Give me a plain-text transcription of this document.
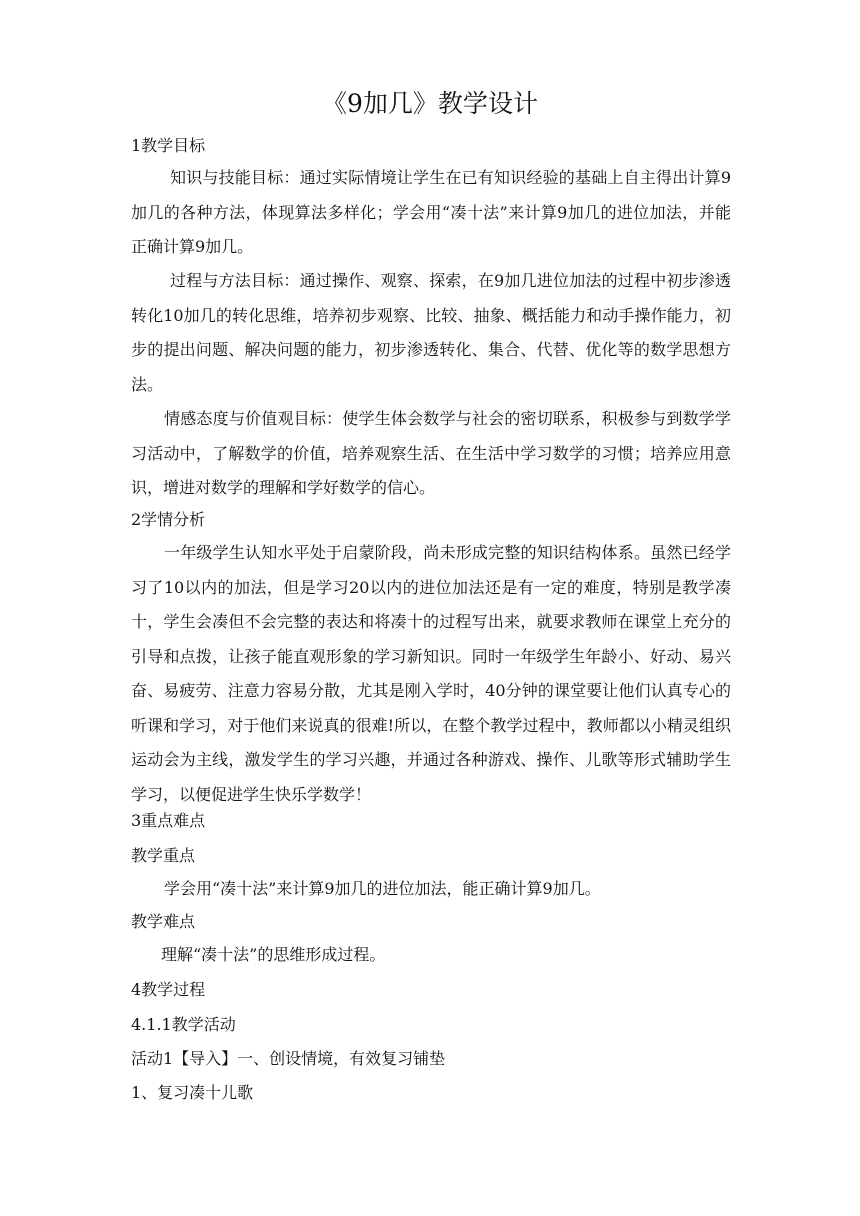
《9加几》教学设计
1教学目标

知识与技能目标：通过实际情境让学生在已有知识经验的基础上自主得出计算9加几的各种方法，体现算法多样化；学会用“凑十法”来计算9加几的进位加法，并能正确计算9加几。

过程与方法目标：通过操作、观察、探索，在9加几进位加法的过程中初步渗透转化10加几的转化思维，培养初步观察、比较、抽象、概括能力和动手操作能力，初步的提出问题、解决问题的能力，初步渗透转化、集合、代替、优化等的数学思想方法。

情感态度与价值观目标：使学生体会数学与社会的密切联系，积极参与到数学学习活动中，了解数学的价值，培养观察生活、在生活中学习数学的习惯；培养应用意识，增进对数学的理解和学好数学的信心。

2学情分析

一年级学生认知水平处于启蒙阶段，尚未形成完整的知识结构体系。虽然已经学习了10以内的加法，但是学习20以内的进位加法还是有一定的难度，特别是教学凑十，学生会凑但不会完整的表达和将凑十的过程写出来，就要求教师在课堂上充分的引导和点拨，让孩子能直观形象的学习新知识。同时一年级学生年龄小、好动、易兴奋、易疲劳、注意力容易分散，尤其是刚入学时，40分钟的课堂要让他们认真专心的听课和学习，对于他们来说真的很难!所以，在整个教学过程中，教师都以小精灵组织运动会为主线，激发学生的学习兴趣，并通过各种游戏、操作、儿歌等形式辅助学生学习，以便促进学生快乐学数学！

3重点难点
教学重点

学会用“凑十法”来计算9加几的进位加法，能正确计算9加几。

教学难点

理解“凑十法”的思维形成过程。

4教学过程
4.1.1教学活动
活动1【导入】一、创设情境，有效复习铺垫
1、复习凑十儿歌
